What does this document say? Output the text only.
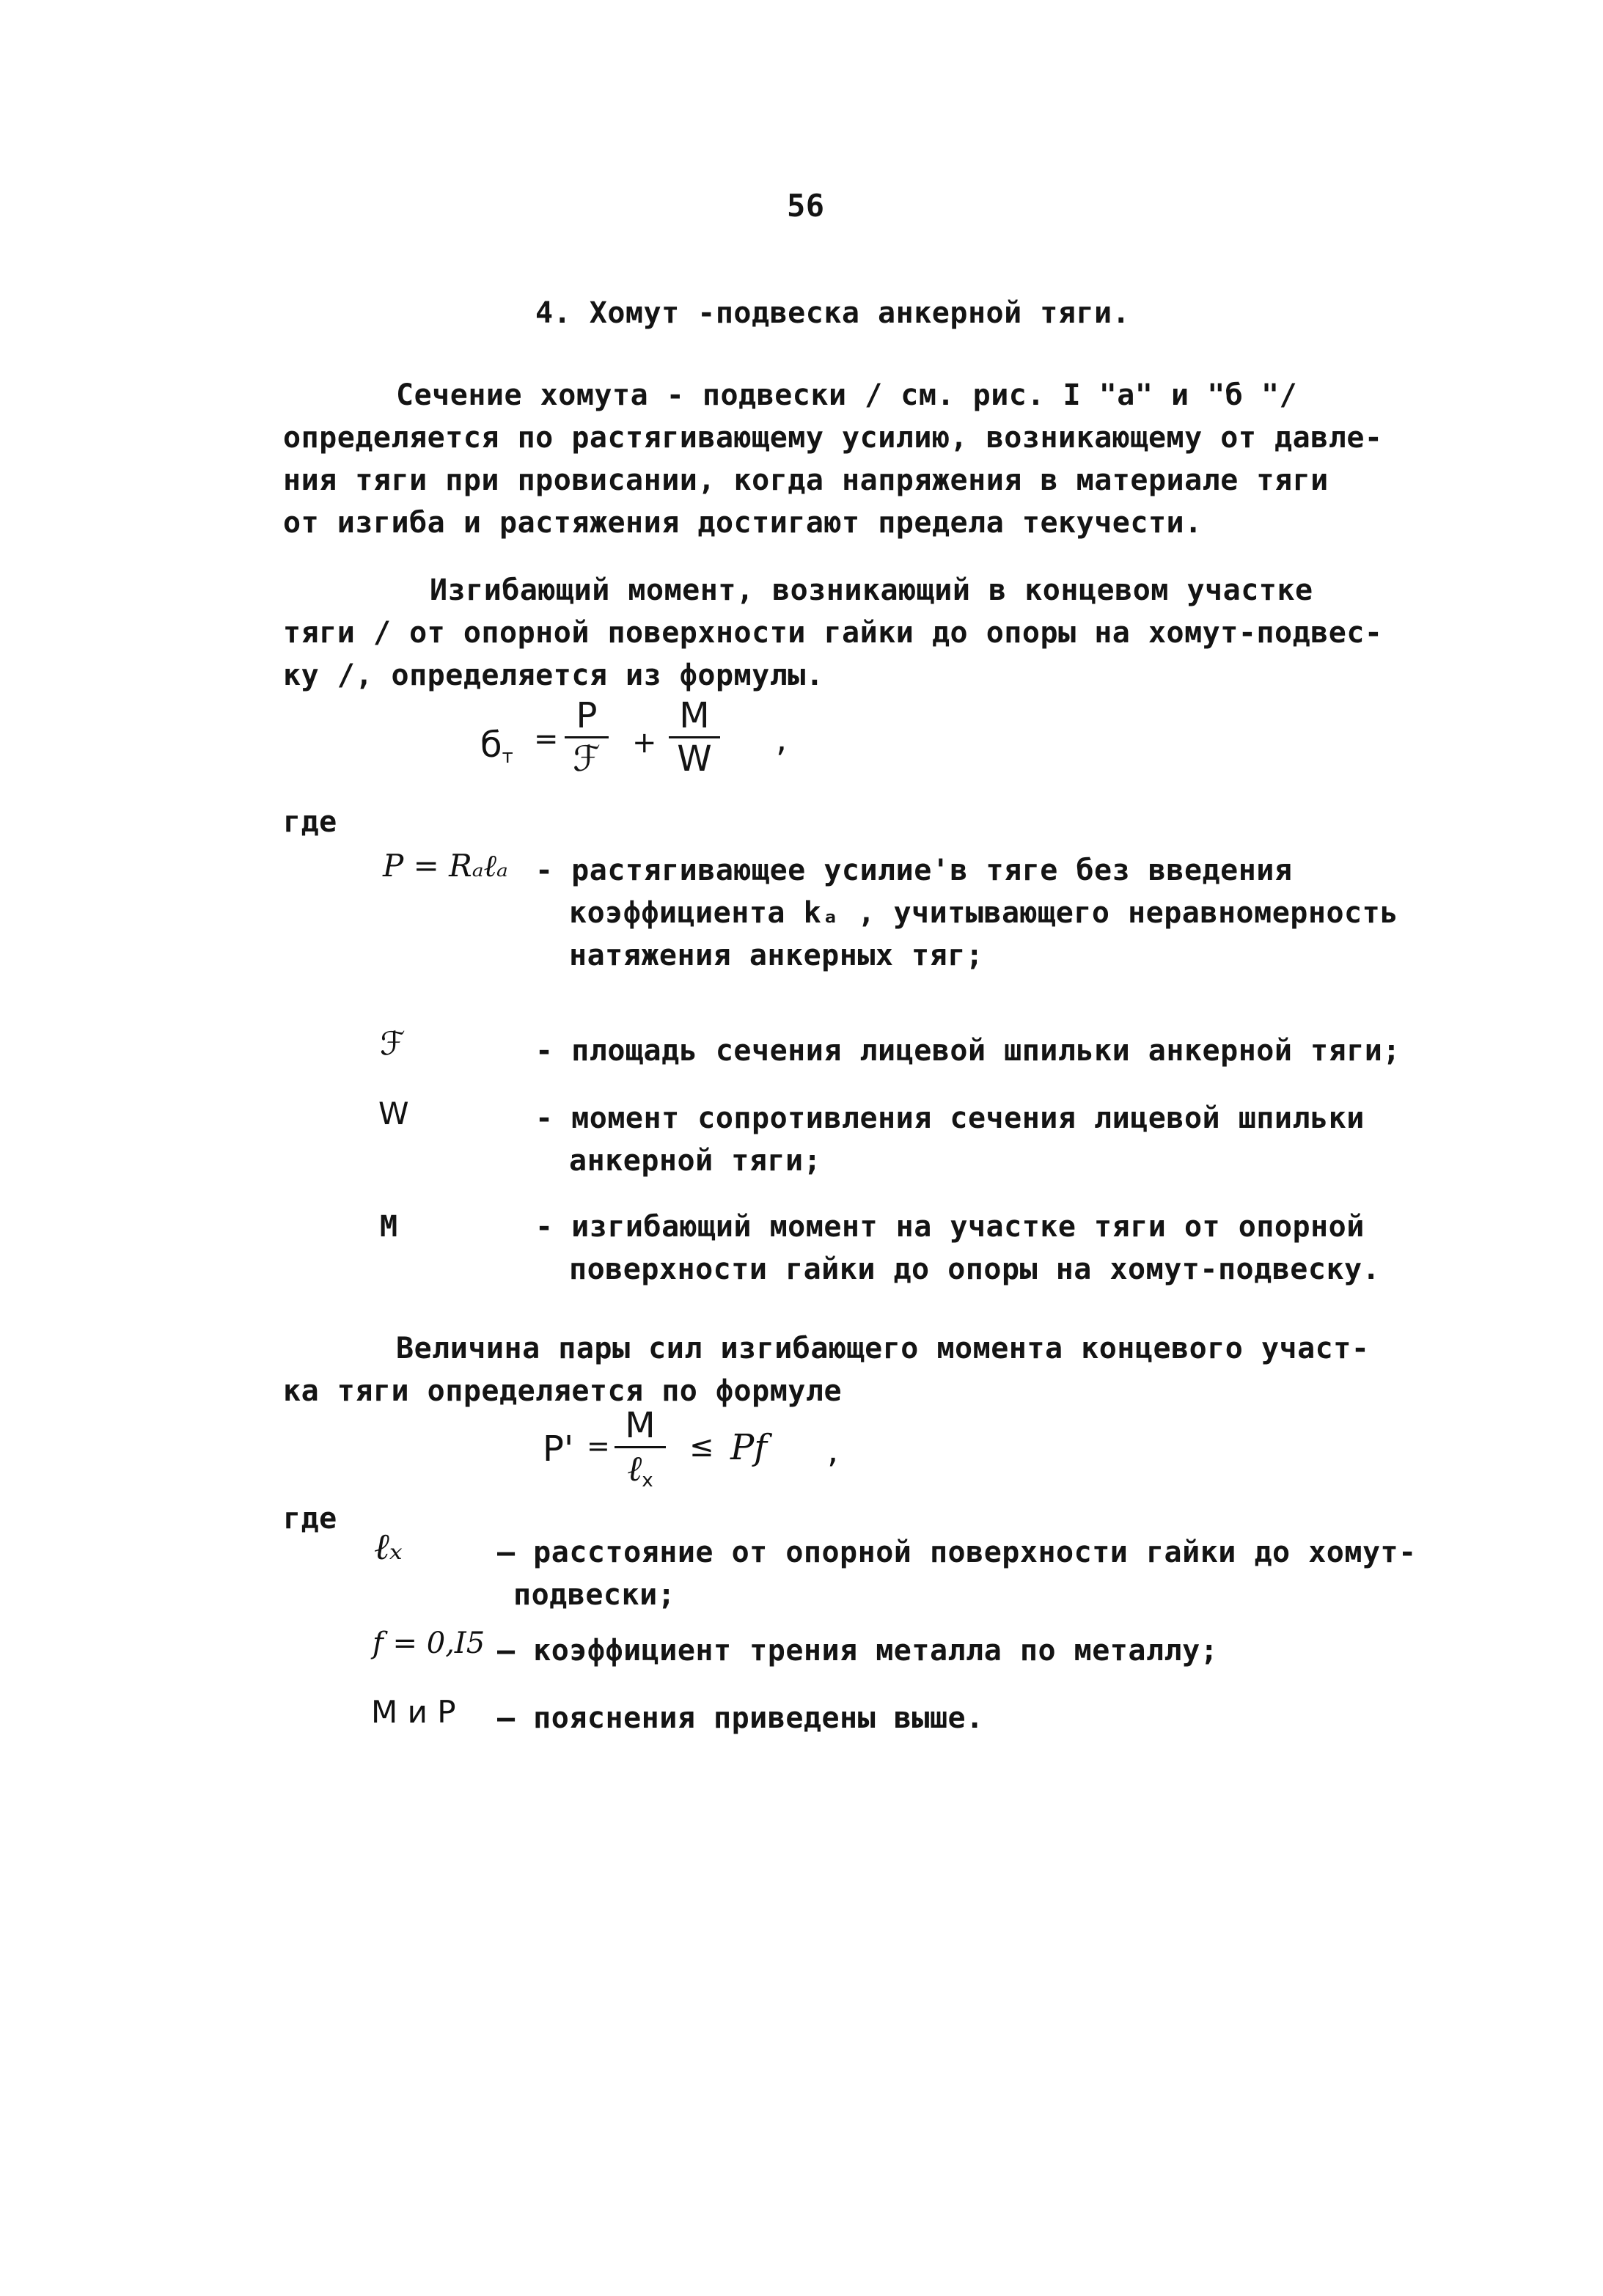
56
4. Хомут -подвеска анкерной тяги.
Сечение хомута - подвески / см. рис. I "а" и "б "/
определяется по растягивающему усилию, возникающему от давле-
ния тяги при провисании, когда напряжения в материале тяги
от изгиба и растяжения достигают предела текучести.
Изгибающий момент, возникающий в концевом участке
тяги / от опорной поверхности гайки до опоры на хомут-подвес-
ку /, определяется из формулы.
$б_т$
=
P
ℱ +
M
W ,
где
P = Rₐℓₐ - растягивающее усилие'в тяге без введения
коэффициента kₐ , учитывающего неравномерность
натяжения анкерных тяг;
ℱ	- площадь сечения лицевой шпильки анкерной тяги;
W	- момент сопротивления сечения лицевой шпильки
анкерной тяги;
M	- изгибающий момент на участке тяги от опорной
поверхности гайки до опоры на хомут-подвеску.
Величина пары сил изгибающего момента концевого участ-
ка тяги определяется по формуле
P' = M
ℓ$_x$
≤ Pf ,
где
ℓₓ	– расстояние от опорной поверхности гайки до хомут-
подвески;
f = 0,I5 – коэффициент трения металла по металлу;
M и P – пояснения приведены выше.
